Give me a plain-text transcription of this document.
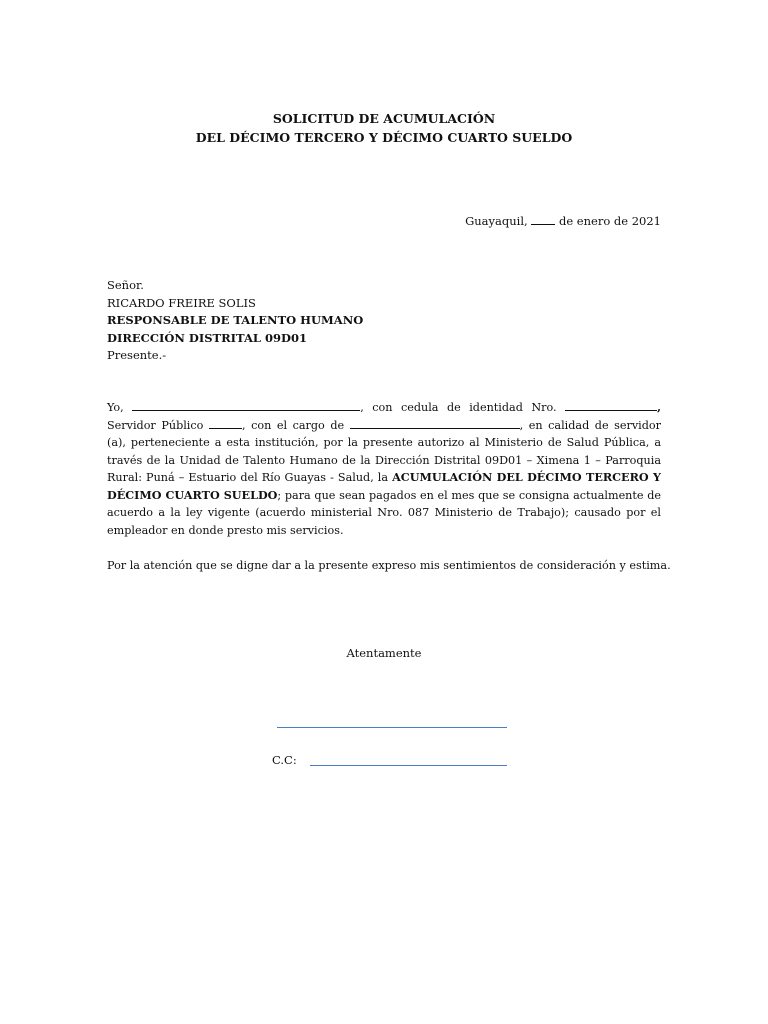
SOLICITUD DE ACUMULACIÓN
DEL DÉCIMO TERCERO Y DÉCIMO CUARTO SUELDO
Guayaquil,	de enero de 2021
Señor.
RICARDO FREIRE SOLIS
RESPONSABLE DE TALENTO HUMANO
DIRECCIÓN DISTRITAL 09D01
Presente.-
Yo,	, con cedula de identidad Nro.	, Servidor Público	, con el cargo de	, en calidad de servidor (a), perteneciente a esta institución, por la presente autorizo al Ministerio de Salud Pública, a través de la Unidad de Talento Humano de la Dirección Distrital 09D01 – Ximena 1 – Parroquia Rural: Puná – Estuario del Río Guayas - Salud, la ACUMULACIÓN DEL DÉCIMO TERCERO Y DÉCIMO CUARTO SUELDO; para que sean pagados en el mes que se consigna actualmente de acuerdo a la ley vigente (acuerdo ministerial Nro. 087 Ministerio de Trabajo); causado por el empleador en donde presto mis servicios.
Por la atención que se digne dar a la presente expreso mis sentimientos de consideración y estima.
Atentamente
C.C:
